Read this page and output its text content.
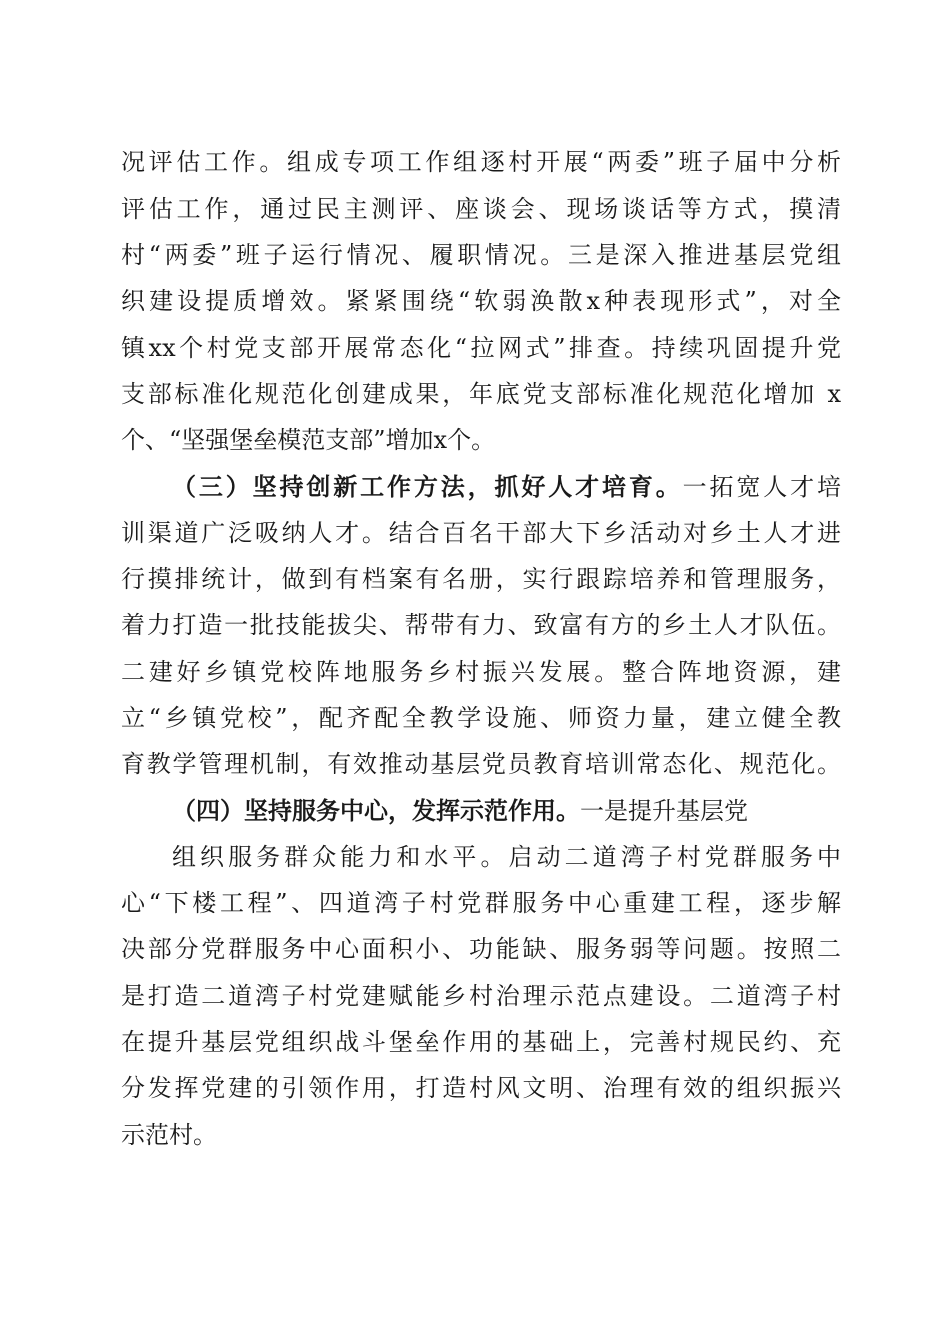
况评估工作。组成专项工作组逐村开展“两委”班子届中分析
评估工作，通过民主测评、座谈会、现场谈话等方式，摸清
村“两委”班子运行情况、履职情况。三是深入推进基层党组
织建设提质增效。紧紧围绕“软弱涣散x种表现形式”，对全
镇xx个村党支部开展常态化“拉网式”排查。持续巩固提升党
支部标准化规范化创建成果，年底党支部标准化规范化增加 x
个、“坚强堡垒模范支部”增加x个。
（三）坚持创新工作方法，抓好人才培育。一拓宽人才培
训渠道广泛吸纳人才。结合百名干部大下乡活动对乡土人才进
行摸排统计，做到有档案有名册，实行跟踪培养和管理服务，
着力打造一批技能拔尖、帮带有力、致富有方的乡土人才队伍。
二建好乡镇党校阵地服务乡村振兴发展。整合阵地资源，建
立“乡镇党校”，配齐配全教学设施、师资力量，建立健全教
育教学管理机制，有效推动基层党员教育培训常态化、规范化。
（四）坚持服务中心，发挥示范作用。一是提升基层党
组织服务群众能力和水平。启动二道湾子村党群服务中
心“下楼工程”、四道湾子村党群服务中心重建工程，逐步解
决部分党群服务中心面积小、功能缺、服务弱等问题。按照二
是打造二道湾子村党建赋能乡村治理示范点建设。二道湾子村
在提升基层党组织战斗堡垒作用的基础上，完善村规民约、充
分发挥党建的引领作用，打造村风文明、治理有效的组织振兴
示范村。
